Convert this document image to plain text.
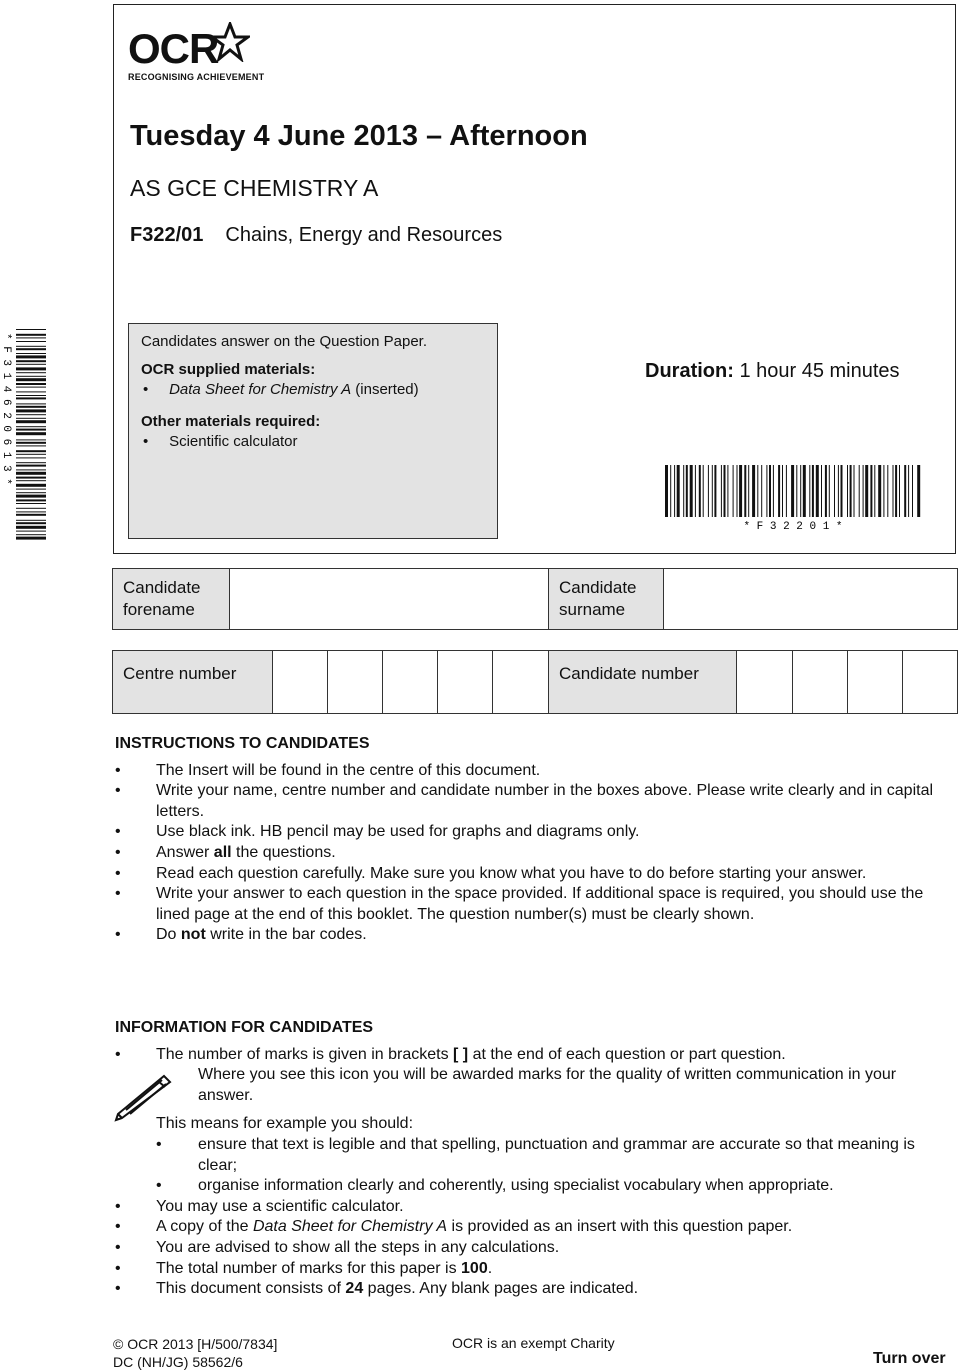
OCR
RECOGNISING ACHIEVEMENT
Tuesday 4 June 2013 – Afternoon
AS GCE CHEMISTRY A
F322/01 Chains, Energy and Resources

Candidates answer on the Question Paper.

OCR supplied materials:

•     Data Sheet for Chemistry A (inserted)

Other materials required:

•     Scientific calculator

Duration: 1 hour 45 minutes
* F 3 2 2 0 1 *
* F 3 1 4 6 2 0 6 1 3 *
Candidate forename
Candidate surname
Centre number	Candidate number
INSTRUCTIONS TO CANDIDATES
• The Insert will be found in the centre of this document.
• Write your name, centre number and candidate number in the boxes above. Please write clearly and in capital letters.
• Use black ink. HB pencil may be used for graphs and diagrams only.
• Answer all the questions.
• Read each question carefully. Make sure you know what you have to do before starting your answer.
• Write your answer to each question in the space provided. If additional space is required, you should use the lined page at the end of this booklet. The question number(s) must be clearly shown.
• Do not write in the bar codes.
INFORMATION FOR CANDIDATES
• The number of marks is given in brackets [ ] at the end of each question or part question.
Where you see this icon you will be awarded marks for the quality of written communication in your answer.
This means for example you should:
• ensure that text is legible and that spelling, punctuation and grammar are accurate so that meaning is clear;
• organise information clearly and coherently, using specialist vocabulary when appropriate.
• You may use a scientific calculator.
• A copy of the Data Sheet for Chemistry A is provided as an insert with this question paper.
• You are advised to show all the steps in any calculations.
• The total number of marks for this paper is 100.
• This document consists of 24 pages. Any blank pages are indicated.
© OCR 2013 [H/500/7834]
DC (NH/JG) 58562/6
OCR is an exempt Charity
Turn over
